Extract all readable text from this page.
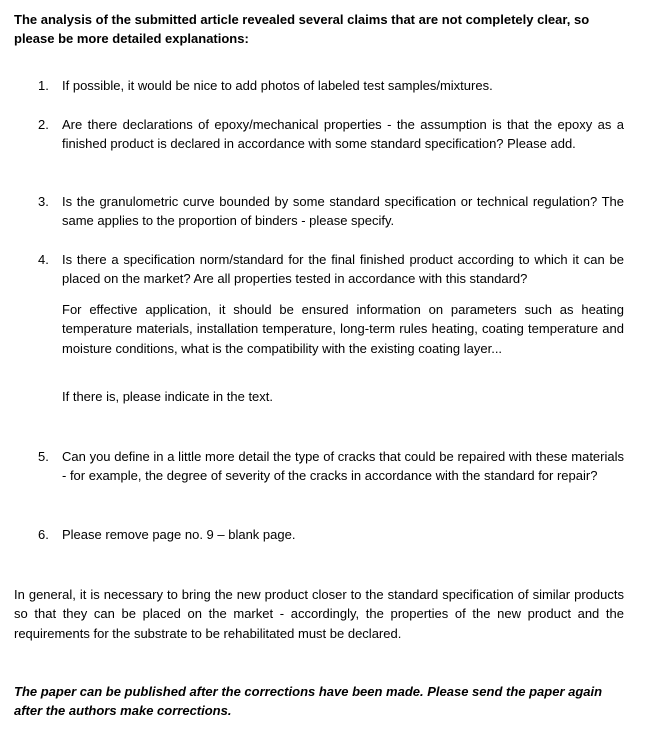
The analysis of the submitted article revealed several claims that are not completely clear, so please be more detailed explanations:
1. If possible, it would be nice to add photos of labeled test samples/mixtures.
2. Are there declarations of epoxy/mechanical properties - the assumption is that the epoxy as a finished product is declared in accordance with some standard specification? Please add.
3. Is the granulometric curve bounded by some standard specification or technical regulation? The same applies to the proportion of binders - please specify.
4. Is there a specification norm/standard for the final finished product according to which it can be placed on the market? Are all properties tested in accordance with this standard?
For effective application, it should be ensured information on parameters such as heating temperature materials, installation temperature, long-term rules heating, coating temperature and moisture conditions, what is the compatibility with the existing coating layer...
If there is, please indicate in the text.
5. Can you define in a little more detail the type of cracks that could be repaired with these materials - for example, the degree of severity of the cracks in accordance with the standard for repair?
6. Please remove page no. 9 – blank page.
In general, it is necessary to bring the new product closer to the standard specification of similar products so that they can be placed on the market - accordingly, the properties of the new product and the requirements for the substrate to be rehabilitated must be declared.
The paper can be published after the corrections have been made. Please send the paper again after the authors make corrections.
